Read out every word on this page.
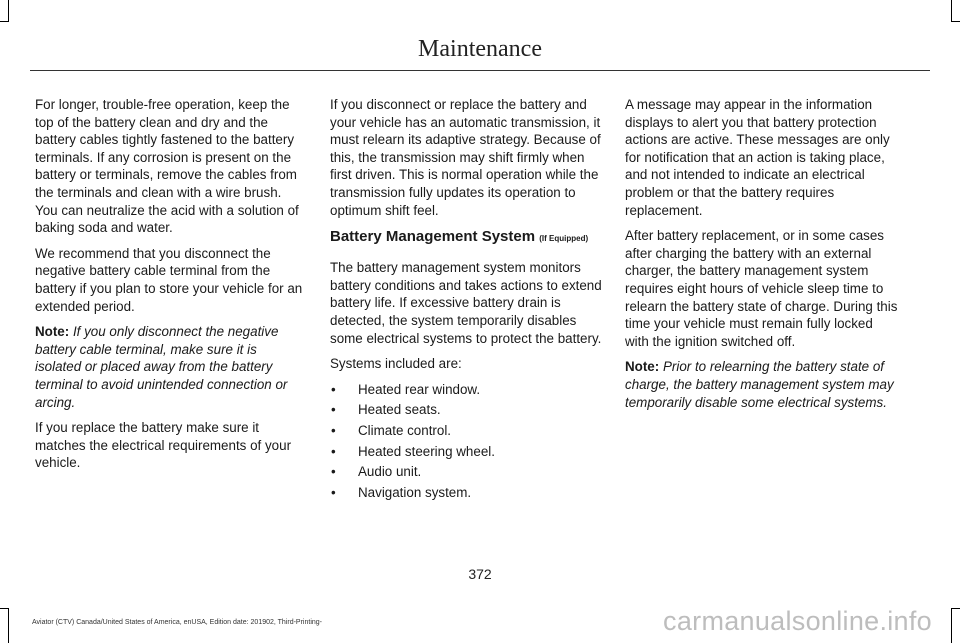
Maintenance

For longer, trouble-free operation, keep the top of the battery clean and dry and the battery cables tightly fastened to the battery terminals. If any corrosion is present on the battery or terminals, remove the cables from the terminals and clean with a wire brush. You can neutralize the acid with a solution of baking soda and water.

We recommend that you disconnect the negative battery cable terminal from the battery if you plan to store your vehicle for an extended period.

Note: If you only disconnect the negative battery cable terminal, make sure it is isolated or placed away from the battery terminal to avoid unintended connection or arcing.

If you replace the battery make sure it matches the electrical requirements of your vehicle.

If you disconnect or replace the battery and your vehicle has an automatic transmission, it must relearn its adaptive strategy. Because of this, the transmission may shift firmly when first driven. This is normal operation while the transmission fully updates its operation to optimum shift feel.

Battery Management System (If Equipped)

The battery management system monitors battery conditions and takes actions to extend battery life. If excessive battery drain is detected, the system temporarily disables some electrical systems to protect the battery.

Systems included are:

• Heated rear window.
• Heated seats.
• Climate control.
• Heated steering wheel.
• Audio unit.
• Navigation system.

A message may appear in the information displays to alert you that battery protection actions are active. These messages are only for notification that an action is taking place, and not intended to indicate an electrical problem or that the battery requires replacement.

After battery replacement, or in some cases after charging the battery with an external charger, the battery management system requires eight hours of vehicle sleep time to relearn the battery state of charge. During this time your vehicle must remain fully locked with the ignition switched off.

Note: Prior to relearning the battery state of charge, the battery management system may temporarily disable some electrical systems.

372
Aviator (CTV) Canada/United States of America, enUSA, Edition date: 201902, Third-Printing-	carmanualsonline.info
